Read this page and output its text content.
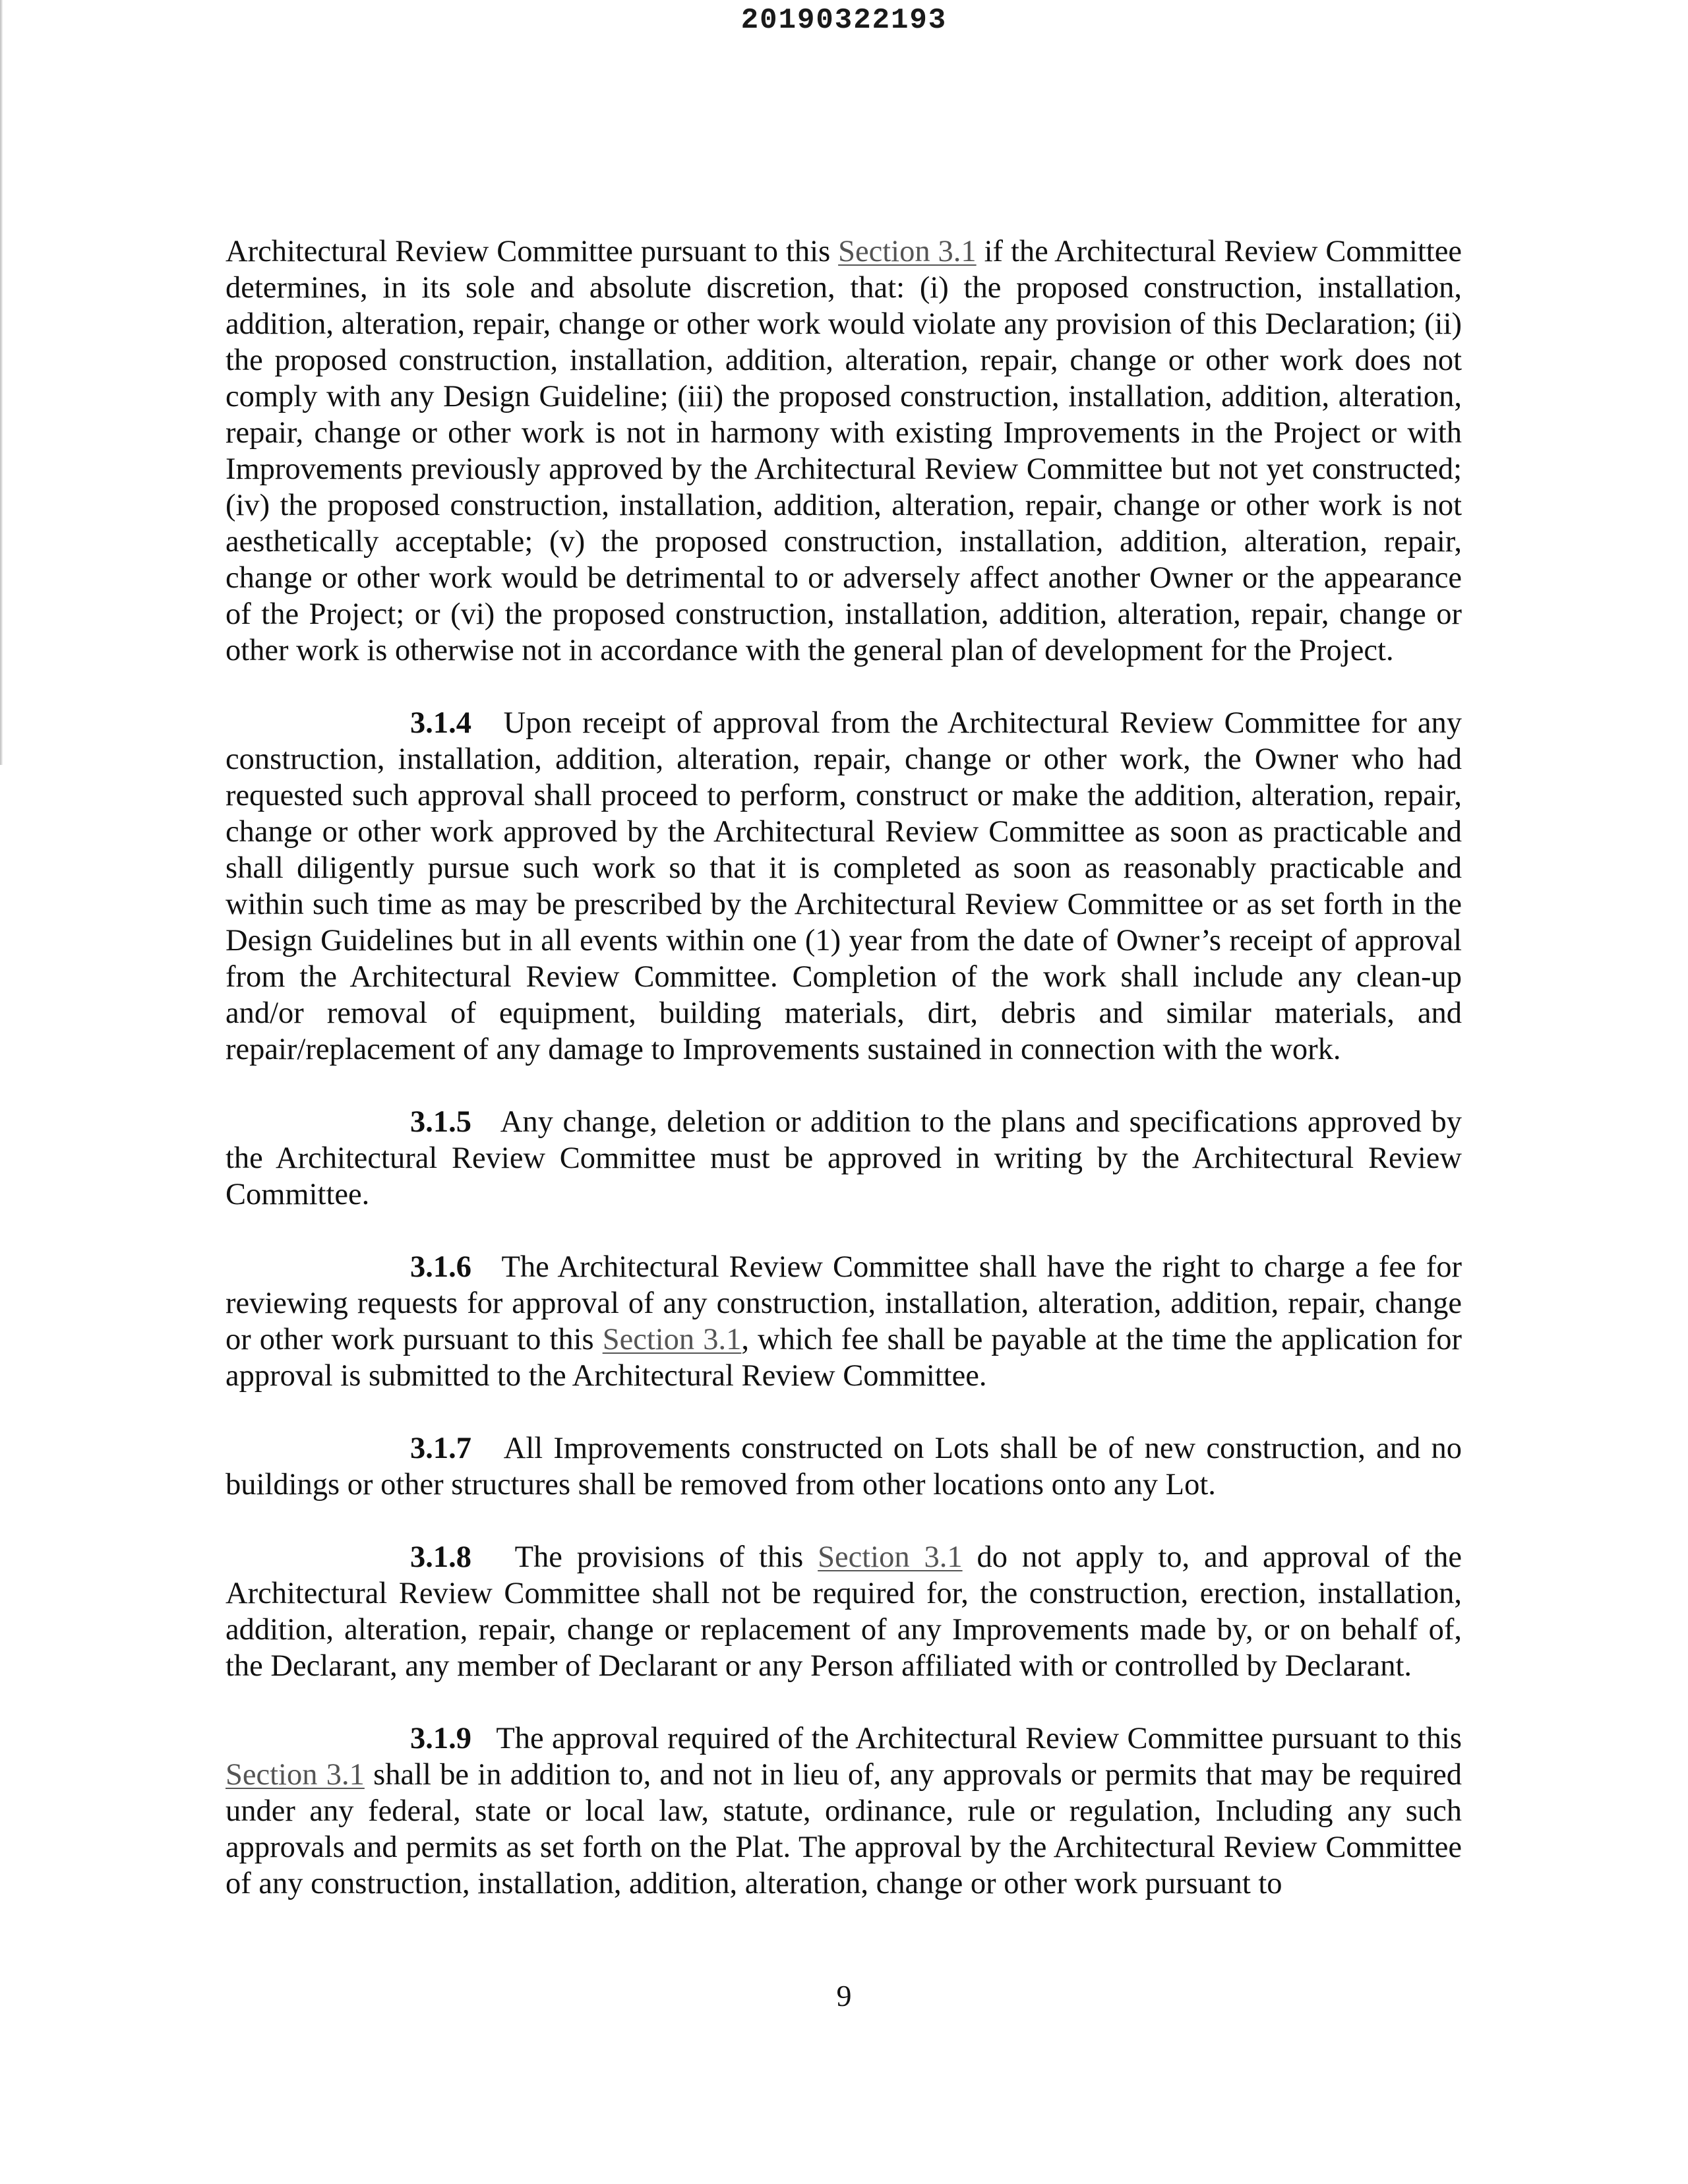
20190322193

Architectural Review Committee pursuant to this Section 3.1 if the Architectural Review Committee determines, in its sole and absolute discretion, that: (i) the proposed construction, installation, addition, alteration, repair, change or other work would violate any provision of this Declaration; (ii) the proposed construction, installation, addition, alteration, repair, change or other work does not comply with any Design Guideline; (iii) the proposed construction, installation, addition, alteration, repair, change or other work is not in harmony with existing Improvements in the Project or with Improvements previously approved by the Architectural Review Committee but not yet constructed; (iv) the proposed construction, installation, addition, alteration, repair, change or other work is not aesthetically acceptable; (v) the proposed construction, installation, addition, alteration, repair, change or other work would be detrimental to or adversely affect another Owner or the appearance of the Project; or (vi) the proposed construction, installation, addition, alteration, repair, change or other work is otherwise not in accordance with the general plan of development for the Project.

3.1.4 Upon receipt of approval from the Architectural Review Committee for any construction, installation, addition, alteration, repair, change or other work, the Owner who had requested such approval shall proceed to perform, construct or make the addition, alteration, repair, change or other work approved by the Architectural Review Committee as soon as practicable and shall diligently pursue such work so that it is completed as soon as reasonably practicable and within such time as may be prescribed by the Architectural Review Committee or as set forth in the Design Guidelines but in all events within one (1) year from the date of Owner’s receipt of approval from the Architectural Review Committee. Completion of the work shall include any clean-up and/or removal of equipment, building materials, dirt, debris and similar materials, and repair/replacement of any damage to Improvements sustained in connection with the work.

3.1.5 Any change, deletion or addition to the plans and specifications approved by the Architectural Review Committee must be approved in writing by the Architectural Review Committee.

3.1.6 The Architectural Review Committee shall have the right to charge a fee for reviewing requests for approval of any construction, installation, alteration, addition, repair, change or other work pursuant to this Section 3.1, which fee shall be payable at the time the application for approval is submitted to the Architectural Review Committee.

3.1.7 All Improvements constructed on Lots shall be of new construction, and no buildings or other structures shall be removed from other locations onto any Lot.

3.1.8 The provisions of this Section 3.1 do not apply to, and approval of the Architectural Review Committee shall not be required for, the construction, erection, installation, addition, alteration, repair, change or replacement of any Improvements made by, or on behalf of, the Declarant, any member of Declarant or any Person affiliated with or controlled by Declarant.

3.1.9 The approval required of the Architectural Review Committee pursuant to this Section 3.1 shall be in addition to, and not in lieu of, any approvals or permits that may be required under any federal, state or local law, statute, ordinance, rule or regulation, Including any such approvals and permits as set forth on the Plat. The approval by the Architectural Review Committee of any construction, installation, addition, alteration, change or other work pursuant to

9
